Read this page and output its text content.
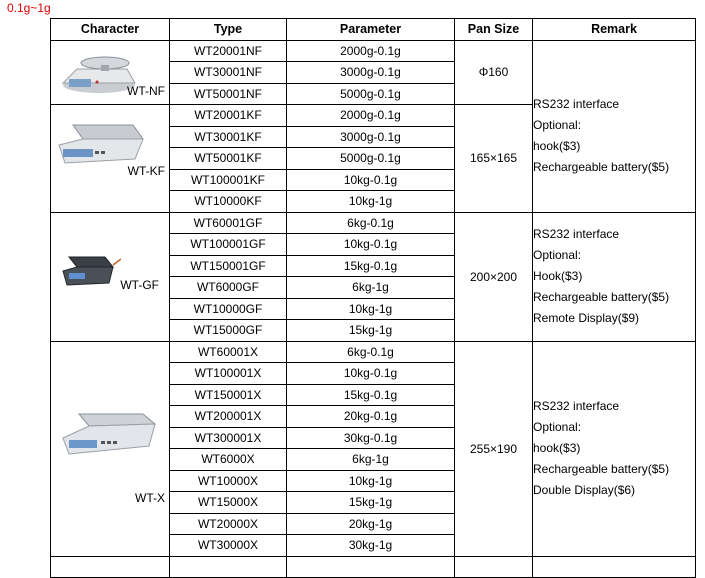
0.1g~1g
Character	Type	Parameter	Pan Size	Remark

WT-NF	WT20001NF	2000g-0.1g	Φ160	RS232 interface
Optional:
hook($3)
Rechargeable battery($5)

	WT30001NF	3000g-0.1g		
	WT50001NF	5000g-0.1g		

WT-KF	WT20001KF	2000g-0.1g	165×165	
	WT30001KF	3000g-0.1g		
	WT50001KF	5000g-0.1g		
	WT100001KF	10kg-0.1g		
	WT10000KF	10kg-1g		

WT-GF	WT60001GF	6kg-0.1g	200×200	RS232 interface
Optional:
Hook($3)
Rechargeable battery($5)
Remote Display($9)

	WT100001GF	10kg-0.1g		
	WT150001GF	15kg-0.1g		
	WT6000GF	6kg-1g		
	WT10000GF	10kg-1g		
	WT15000GF	15kg-1g		

WT-X	WT60001X	6kg-0.1g	255×190	RS232 interface
Optional:
hook($3)
Rechargeable battery($5)
Double Display($6)

	WT100001X	10kg-0.1g		
	WT150001X	15kg-0.1g		
	WT200001X	20kg-0.1g		
	WT300001X	30kg-0.1g		
	WT6000X	6kg-1g		
	WT10000X	10kg-1g		
	WT15000X	15kg-1g		
	WT20000X	20kg-1g		
	WT30000X	30kg-1g		
